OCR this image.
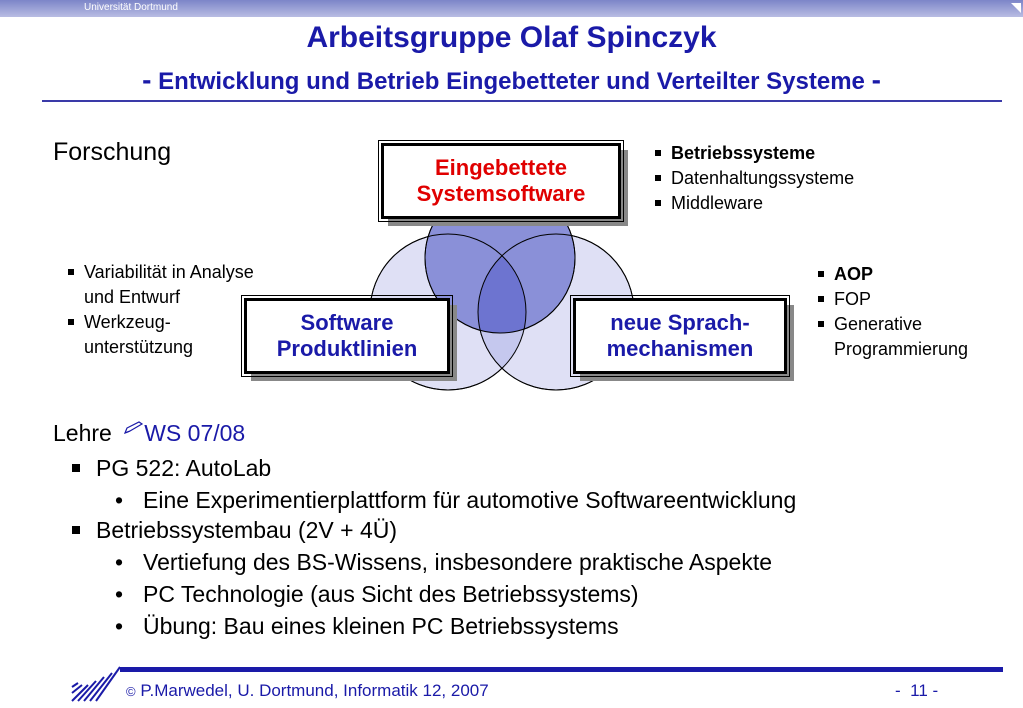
Universität Dortmund
Arbeitsgruppe Olaf Spinczyk
- Entwicklung und Betrieb Eingebetteter und Verteilter Systeme -
Forschung
Eingebettete
Systemsoftware
Software
Produktlinien
neue Sprach-
mechanismen
Betriebssysteme
Datenhaltungssysteme
Middleware
Variabilität in Analyse
und Entwurf
Werkzeug-
unterstützung
AOP
FOP
Generative
Programmierung
Lehre WS 07/08
PG 522: AutoLab
• Eine Experimentierplattform für automotive Softwareentwicklung
Betriebssystembau (2V + 4Ü)
• Vertiefung des BS-Wissens, insbesondere praktische Aspekte
• PC Technologie (aus Sicht des Betriebssystems)
• Übung: Bau eines kleinen PC Betriebssystems
© P.Marwedel, U. Dortmund, Informatik 12, 2007	- 11 -
